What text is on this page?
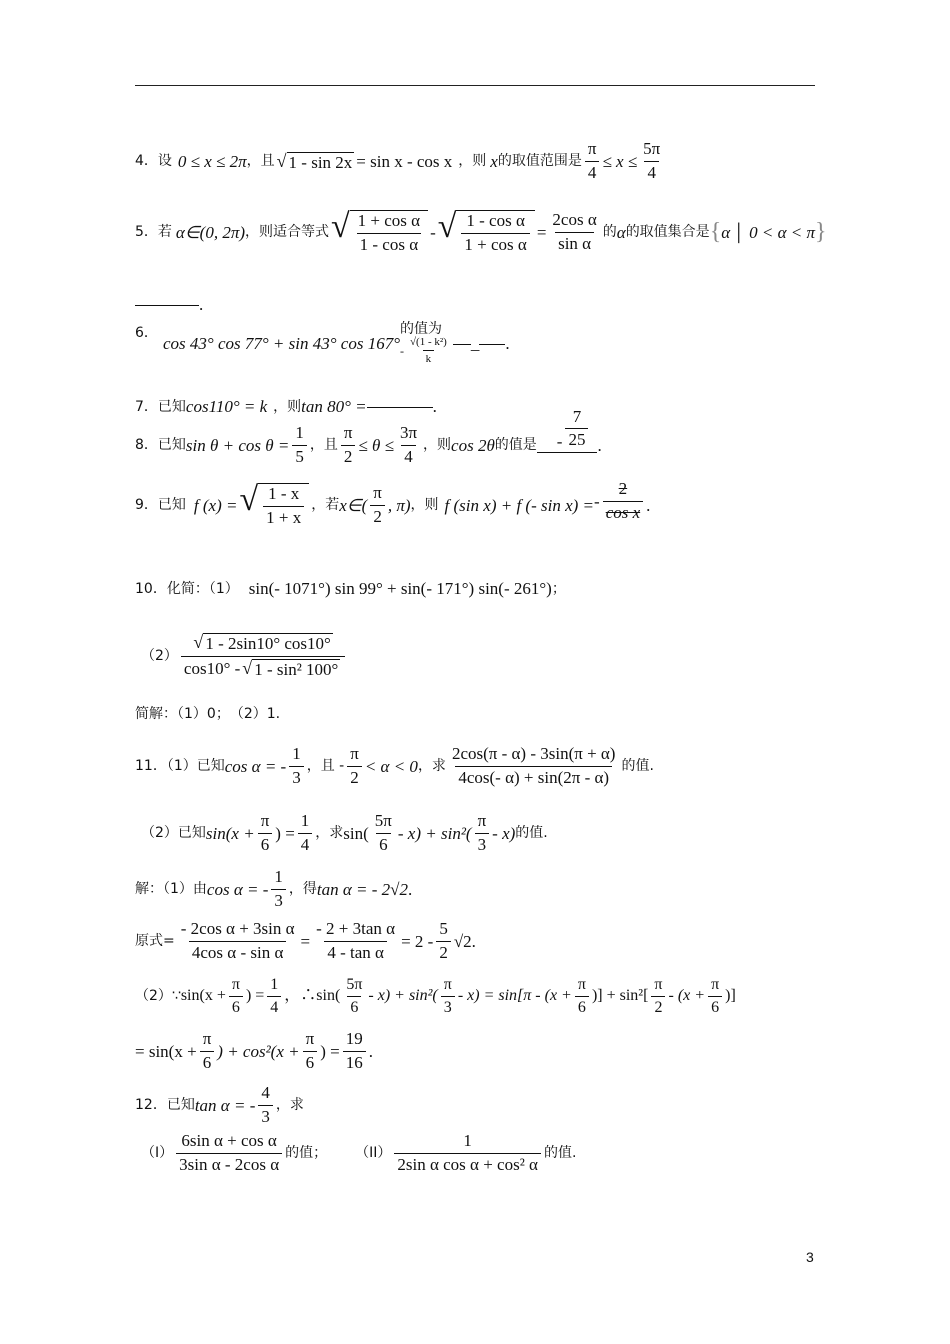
4．设 0 ≤ x ≤ 2π ，且 √ 1 - sin 2x = sin x - cos x ，则 x 的取值范围是 $\frac{\pi}{4} \le x \le \frac{5\pi}{4}$
5．若 α∈(0, 2π) ，则适合等式 √ $\frac{\text{1 + cos α}}{\text{1 - cos α}}$ - √ $\frac{\text{1 - cos α}}{\text{1 + cos α}} = \frac{\text{2cos α}}{\text{sin α}}$ 的 α 的取值集合是 { α │ 0 < α < π }
.
6．
cos 43° cos 77° + sin 43° cos 167°
的值为
- $\frac{\text{√(1 - k²)}}{k}$ _ .
7．已知 cos110° = k ，则 tan 80° =	.
8．已知 $\sin \theta + \cos \theta = \frac{1}{5}$ ，且 $\frac{\pi}{2} \le \theta \le \frac{3\pi}{4}$ ，则 cos 2θ 的值是 - $\frac{7}{25}$ .
9．已知 f (x) = √ $\frac{1 - x}{1 + x}$ ，若 x∈( $\frac{\pi}{2}$ , π) ，则 f (sin x) + f (- sin x) = - $\frac{2}{\text{cos x}}$ .
10．化简：（1） sin(- 1071°) sin 99° + sin(- 171°) sin(- 261°) ；
$(2) \frac{√ 1 - 2\sin 10^\circ \cos 10^\circ}{\text{cos10° - √ 1 - sin² 100°}}$
简解：（1）0；　（2）1.
11．（1）已知 cos α = - $\frac{1}{3}$ ，且 - $\frac{\pi}{2} < \alpha < 0$ ，求 $\frac{2\cos(\pi - \alpha) - 3\sin(\pi + \alpha)}{4\cos(- \alpha) + \sin(2\pi - \alpha)}$ 的值.
（2）已知 $\sin(x + \frac{\pi}{6}$ ) = $\frac{1}{4}$ ，求 $\sin( \frac{5\pi}{6} - x) + \sin^2( \frac{\pi}{3} - x)$ 的值.
解：（1）由 cos α = - $\frac{1}{3}$ ，得 tan α = - 2√2 .
原式= $\frac{\text{- 2cos α + 3sin α}}{\text{4cos α - sin α}} = \frac{\text{- 2 + 3tan α}}{\text{4 - tan α}} = 2 - \frac{5}{2} √2$ .
（2）∵ $\sin(x + \frac{\pi}{6}$ ) = $\frac{1}{4}$ ，∴sin( $\frac{5\pi}{6} - x) + \sin^2( \frac{\pi}{3} - x) = \sin[\pi - (x + \frac{\pi}{6}$ )] + $\sin^2[ \frac{\pi}{2} - (x + \frac{\pi}{6}$ )]
= $\sin(x + \frac{\pi}{6}$ ) + $\cos^2(x + \frac{\pi}{6}$ ) = $\frac{19}{16}$ .
12．已知 tan α = - $\frac{4}{3}$ ，求
$(I) \frac{\text{6sin α + cos α}}{\text{3sin α - 2cos α}}$ 的值； $(II) \frac{1}{\text{2sin α cos α + cos² α}}$ 的值.
3
